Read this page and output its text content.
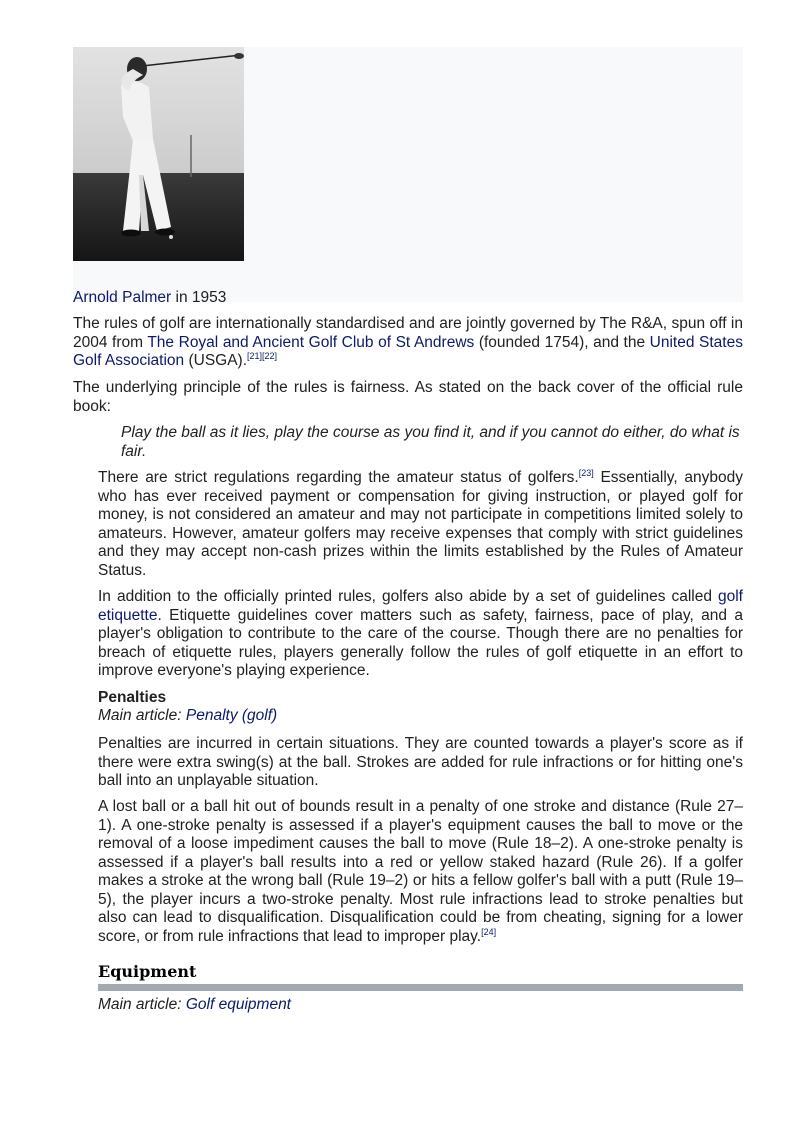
Arnold Palmer in 1953
The rules of golf are internationally standardised and are jointly governed by The R&A, spun off in 2004 from The Royal and Ancient Golf Club of St Andrews (founded 1754), and the United States Golf Association (USGA).[21][22]
The underlying principle of the rules is fairness. As stated on the back cover of the official rule book:
Play the ball as it lies, play the course as you find it, and if you cannot do either, do what is fair.
There are strict regulations regarding the amateur status of golfers.[23] Essentially, anybody who has ever received payment or compensation for giving instruction, or played golf for money, is not considered an amateur and may not participate in competitions limited solely to amateurs. However, amateur golfers may receive expenses that comply with strict guidelines and they may accept non-cash prizes within the limits established by the Rules of Amateur Status.
In addition to the officially printed rules, golfers also abide by a set of guidelines called golf etiquette. Etiquette guidelines cover matters such as safety, fairness, pace of play, and a player's obligation to contribute to the care of the course. Though there are no penalties for breach of etiquette rules, players generally follow the rules of golf etiquette in an effort to improve everyone's playing experience.
Penalties
Main article: Penalty (golf)
Penalties are incurred in certain situations. They are counted towards a player's score as if there were extra swing(s) at the ball. Strokes are added for rule infractions or for hitting one's ball into an unplayable situation.
A lost ball or a ball hit out of bounds result in a penalty of one stroke and distance (Rule 27–1). A one-stroke penalty is assessed if a player's equipment causes the ball to move or the removal of a loose impediment causes the ball to move (Rule 18–2). A one-stroke penalty is assessed if a player's ball results into a red or yellow staked hazard (Rule 26). If a golfer makes a stroke at the wrong ball (Rule 19–2) or hits a fellow golfer's ball with a putt (Rule 19–5), the player incurs a two-stroke penalty. Most rule infractions lead to stroke penalties but also can lead to disqualification. Disqualification could be from cheating, signing for a lower score, or from rule infractions that lead to improper play.[24]
Equipment
Main article: Golf equipment
